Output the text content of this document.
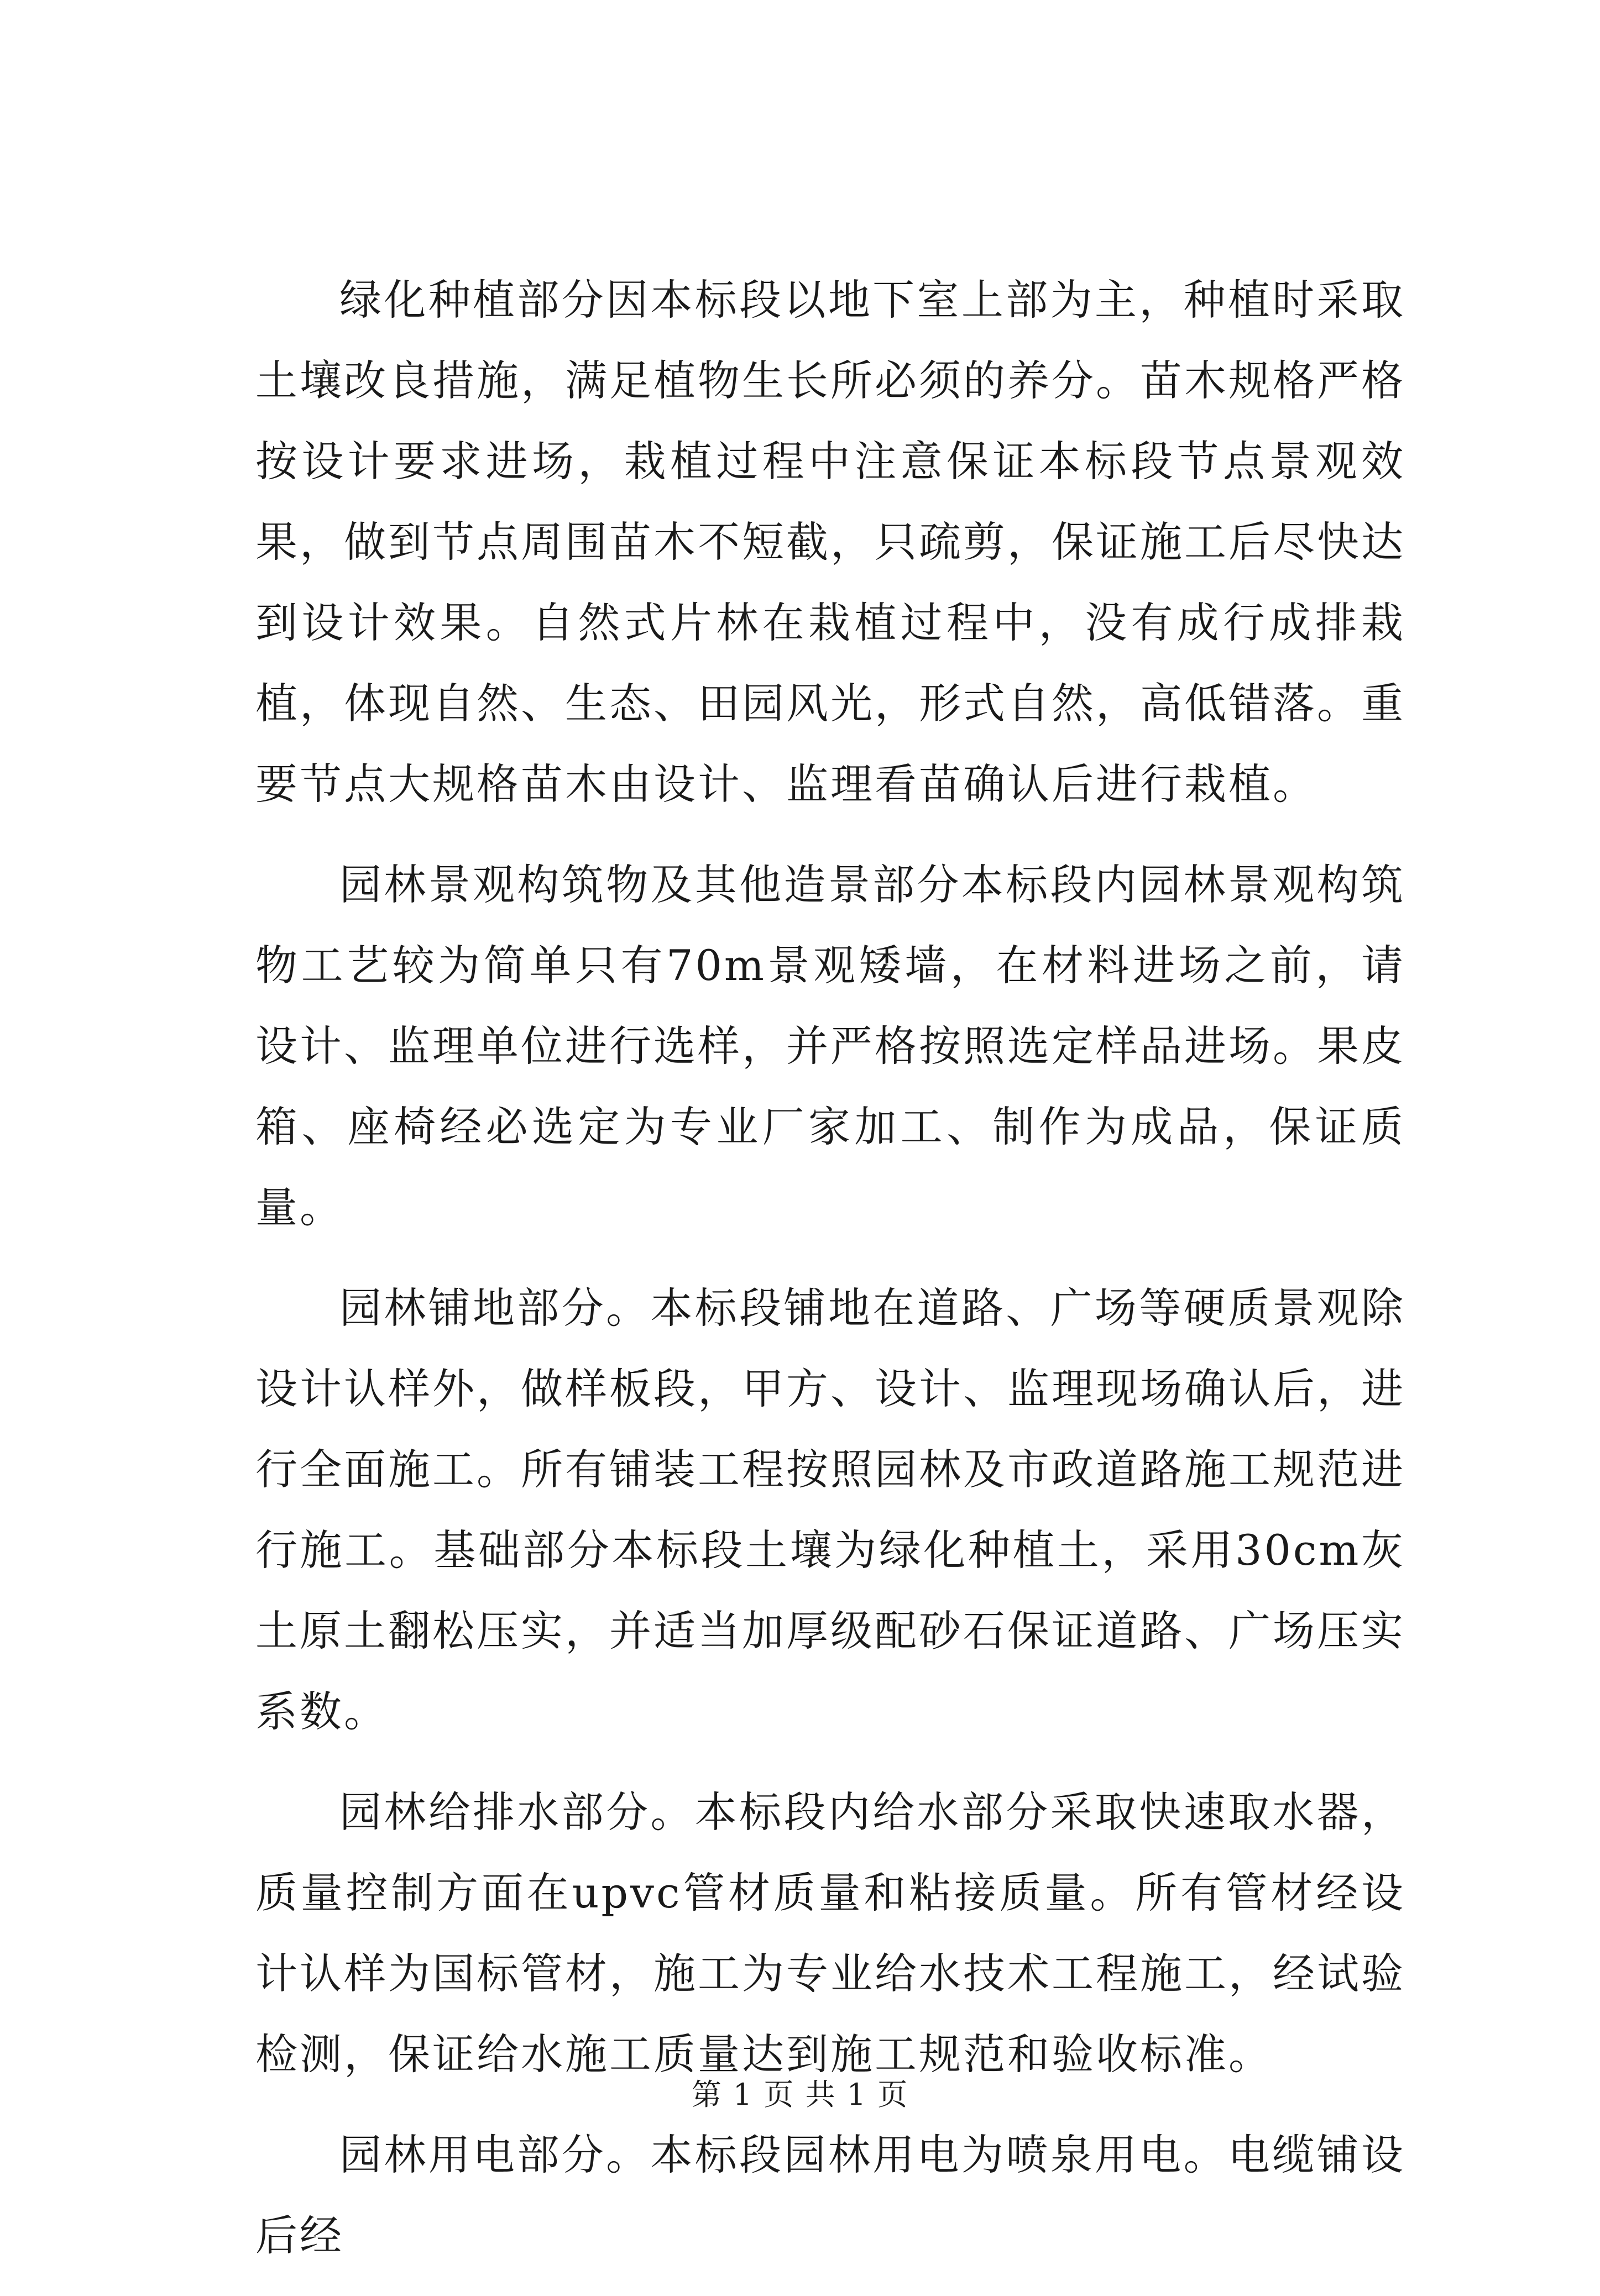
绿化种植部分因本标段以地下室上部为主，种植时采取土壤改良措施，满足植物生长所必须的养分。苗木规格严格按设计要求进场，栽植过程中注意保证本标段节点景观效果，做到节点周围苗木不短截，只疏剪，保证施工后尽快达到设计效果。自然式片林在栽植过程中，没有成行成排栽植，体现自然、生态、田园风光，形式自然，高低错落。重要节点大规格苗木由设计、监理看苗确认后进行栽植。

园林景观构筑物及其他造景部分本标段内园林景观构筑物工艺较为简单只有70m景观矮墙，在材料进场之前，请设计、监理单位进行选样，并严格按照选定样品进场。果皮箱、座椅经必选定为专业厂家加工、制作为成品，保证质量。

园林铺地部分。本标段铺地在道路、广场等硬质景观除设计认样外，做样板段，甲方、设计、监理现场确认后，进行全面施工。所有铺装工程按照园林及市政道路施工规范进行施工。基础部分本标段土壤为绿化种植土，采用30cm灰土原土翻松压实，并适当加厚级配砂石保证道路、广场压实系数。

园林给排水部分。本标段内给水部分采取快速取水器，质量控制方面在upvc管材质量和粘接质量。所有管材经设计认样为国标管材，施工为专业给水技术工程施工，经试验检测，保证给水施工质量达到施工规范和验收标准。

园林用电部分。本标段园林用电为喷泉用电。电缆铺设后经

第 1 页 共 1 页
